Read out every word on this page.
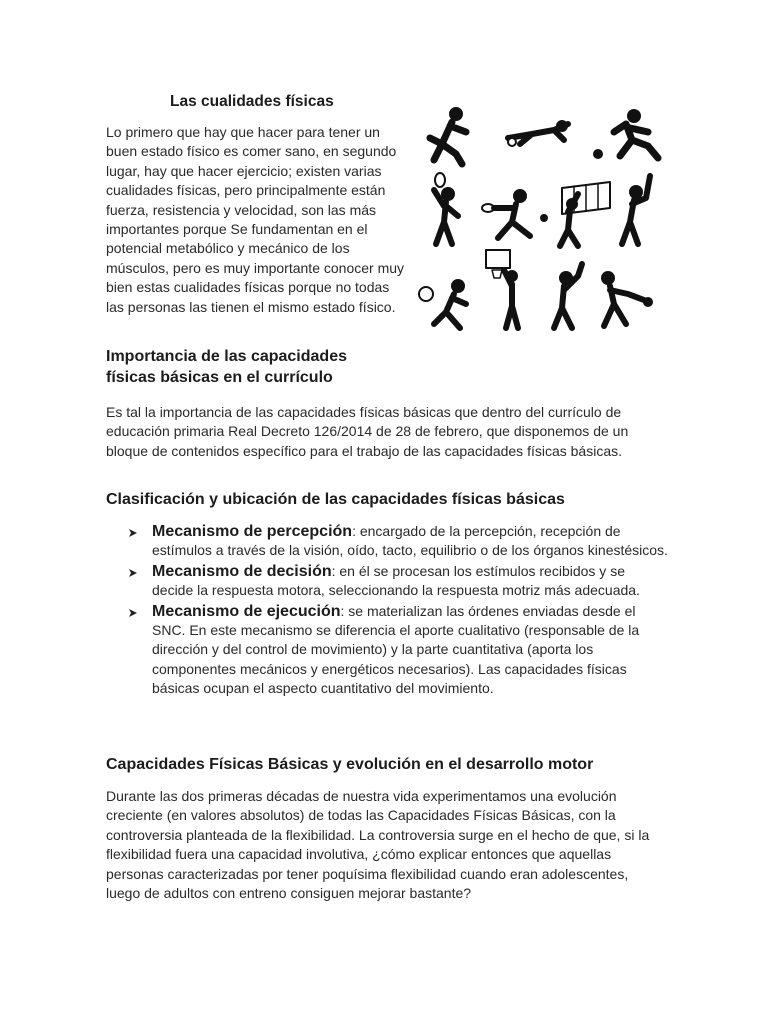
Las cualidades físicas

Lo primero que hay que hacer para tener un buen estado físico es comer sano, en segundo lugar, hay que hacer ejercicio; existen varias cualidades físicas, pero principalmente están fuerza, resistencia y velocidad, son las más importantes porque Se fundamentan en el potencial metabólico y mecánico de los músculos, pero es muy importante conocer muy bien estas cualidades físicas porque no todas las personas las tienen el mismo estado físico.

Importancia de las capacidades
físicas básicas en el currículo

Es tal la importancia de las capacidades físicas básicas que dentro del currículo de educación primaria Real Decreto 126/2014 de 28 de febrero, que disponemos de un bloque de contenidos específico para el trabajo de las capacidades físicas básicas.

Clasificación y ubicación de las capacidades físicas básicas
Mecanismo de percepción: encargado de la percepción, recepción de estímulos a través de la visión, oído, tacto, equilibrio o de los órganos kinestésicos.
Mecanismo de decisión: en él se procesan los estímulos recibidos y se decide la respuesta motora, seleccionando la respuesta motriz más adecuada.
Mecanismo de ejecución: se materializan las órdenes enviadas desde el SNC. En este mecanismo se diferencia el aporte cualitativo (responsable de la dirección y del control de movimiento) y la parte cuantitativa (aporta los componentes mecánicos y energéticos necesarios). Las capacidades físicas básicas ocupan el aspecto cuantitativo del movimiento.
Capacidades Físicas Básicas y evolución en el desarrollo motor

Durante las dos primeras décadas de nuestra vida experimentamos una evolución creciente (en valores absolutos) de todas las Capacidades Físicas Básicas, con la controversia planteada de la flexibilidad. La controversia surge en el hecho de que, si la flexibilidad fuera una capacidad involutiva, ¿cómo explicar entonces que aquellas personas caracterizadas por tener poquísima flexibilidad cuando eran adolescentes, luego de adultos con entreno consiguen mejorar bastante?
